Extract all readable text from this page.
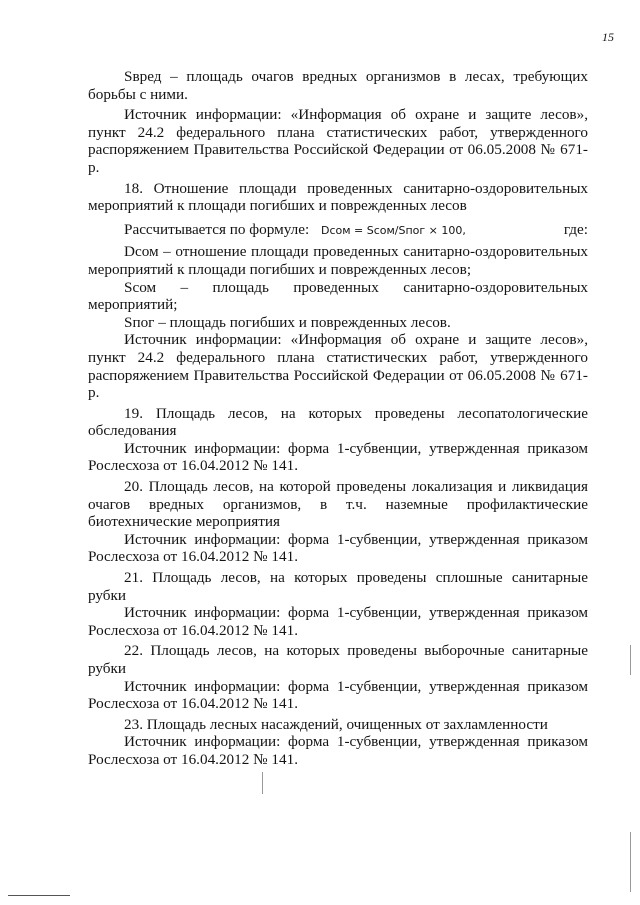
15

Sвред – площадь очагов вредных организмов в лесах, требующих борьбы с ними.

Источник информации: «Информация об охране и защите лесов», пункт 24.2 федерального плана статистических работ, утвержденного распоряжением Правительства Российской Федерации от 06.05.2008 № 671-р.

18. Отношение площади проведенных санитарно-оздоровительных мероприятий к площади погибших и поврежденных лесов

Рассчитывается по формуле: Dсом = Sсом/Sпог × 100,	где:

Dсом – отношение площади проведенных санитарно-оздоровительных мероприятий к площади погибших и поврежденных лесов;

Sсом – площадь проведенных санитарно-оздоровительных мероприятий;

Sпог – площадь погибших и поврежденных лесов.

Источник информации: «Информация об охране и защите лесов», пункт 24.2 федерального плана статистических работ, утвержденного распоряжением Правительства Российской Федерации от 06.05.2008 № 671-р.

19. Площадь лесов, на которых проведены лесопатологические обследования

Источник информации: форма 1-субвенции, утвержденная приказом Рослесхоза от 16.04.2012 № 141.

20. Площадь лесов, на которой проведены локализация и ликвидация очагов вредных организмов, в т.ч. наземные профилактические биотехнические мероприятия

Источник информации: форма 1-субвенции, утвержденная приказом Рослесхоза от 16.04.2012 № 141.

21. Площадь лесов, на которых проведены сплошные санитарные рубки

Источник информации: форма 1-субвенции, утвержденная приказом Рослесхоза от 16.04.2012 № 141.

22. Площадь лесов, на которых проведены выборочные санитарные рубки

Источник информации: форма 1-субвенции, утвержденная приказом Рослесхоза от 16.04.2012 № 141.

23. Площадь лесных насаждений, очищенных от захламленности

Источник информации: форма 1-субвенции, утвержденная приказом Рослесхоза от 16.04.2012 № 141.
